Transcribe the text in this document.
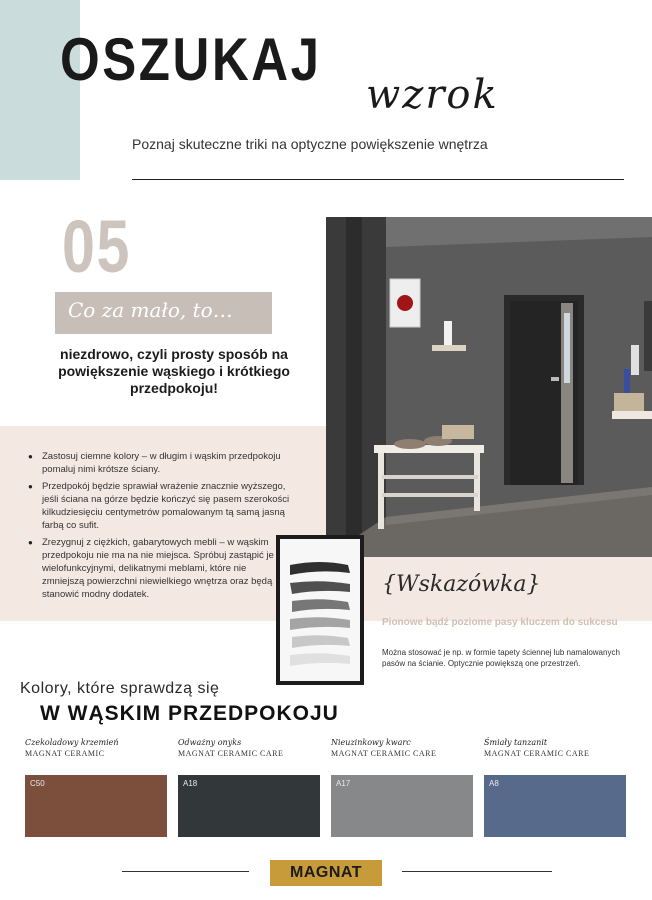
OSZUKAJ
wzrok
Poznaj skuteczne triki na optyczne powiększenie wnętrza
05
Co za mało, to…
niezdrowo, czyli prosty sposób na powiększenie wąskiego i krótkiego przedpokoju!
● Zastosuj ciemne kolory – w długim i wąskim przedpokoju pomaluj nimi krótsze ściany.
● Przedpokój będzie sprawiał wrażenie znacznie wyższego, jeśli ściana na górze będzie kończyć się pasem szerokości kilkudziesięciu centymetrów pomalowanym tą samą jasną farbą co sufit.
● Zrezygnuj z ciężkich, gabarytowych mebli – w wąskim przedpokoju nie ma na nie miejsca. Spróbuj zastąpić je wielofunkcyjnymi, delikatnymi meblami, które nie zmniejszą powierzchni niewielkiego wnętrza oraz będą stanowić modny dodatek.	{Wskazówka}
Pionowe bądź poziome pasy kluczem do sukcesu
Można stosować je np. w formie tapety ściennej lub namalowanych pasów na ścianie. Optycznie powiększą one przestrzeń.
Kolory, które sprawdzą się
W WĄSKIM PRZEDPOKOJU
Czekoladowy krzemień
MAGNAT CERAMIC
C50
Odważny onyks
MAGNAT CERAMIC CARE
A18
Nieuzinkowy kwarc
MAGNAT CERAMIC CARE
A17
Śmiały tanzanit
MAGNAT CERAMIC CARE
A8
MAGNAT
